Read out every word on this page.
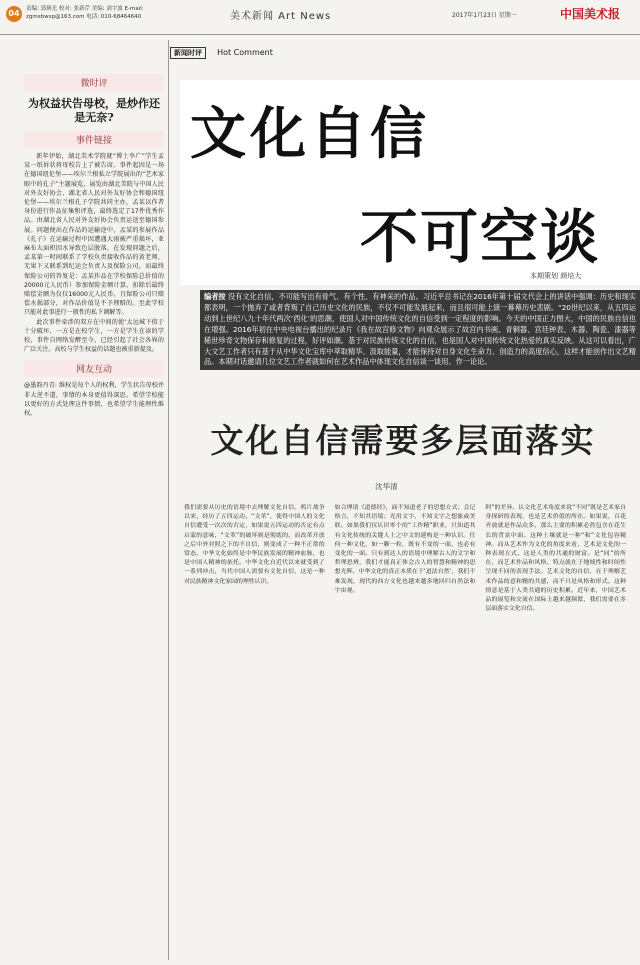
04	责编: 郭瑛光 校对: 张新芹 美编: 刘宇波 E-mail: zgmsbwsp@163.com 电话: 010-68464640	美术新闻 Art News	2017年1月23日 星期一	中国美术报
微时评
为权益状告母校，是炒作还是无奈?
事件链接

新年伊始，湖北美术学院就“博士李广”学生孟某一纸诉状将母校告上了被告席。事件起因是一场在德国纽伦堡——埃尔兰根私立学院展出的“艺术家眼中的孔子”主题展览，展览由湖北美院与中国人民对外友好协会、湖北省人民对外友好协会和德国纽伦堡——埃尔兰根孔子学院共同主办，孟某以作者身份进行作品征集和评选，最终选定了17件优秀作品。由湖北省人民对外友好协会负责运送至德国参展。问题便出在作品的运输途中，孟某的参展作品《孔子》在运输过程中因遭遇大雨被严重损坏，亚麻布大面积因水导致色层脱落，在发现问题之后，孟某第一时间联系了学校负责接收作品的黄老师，无果下又联系到纪运会负责人及保险公司，而最终保险公司的答复是：孟某作品在学校保险总价值的20000元人民币）参加保险金额计算，扣除后最终赔偿金额为仅仅16000元人民币，且保险公司只赔偿水损部分，对作品价值是不予理赔的。至此学校只能对此事进行一般性的私下调解等。

此次事件牵涉的双方在中间的使‘太远城下似于十分破坏，一方是在校学生，一方是学生在读的学校，事件自网络发酵至今，已经引起了社会各界的广泛关注。高校与学生权益的话题也被重新提及。

网友互动

@墨韵丹青: 维权是每个人的权利，学生状告母校并非大逆不道，事情的本身更值得深思。希望学校能以更好的方式处理这件事情，也希望学生能理性维权。

新闻时评 Hot Comment
文化自信
不可空谈
本期策划 颜培大
编者按 没有文化自信，不可能写出有骨气、有个性、有神采的作品。习近平总书记在2016年第十届文代会上的讲话中强调：历史和现实都表明，一个抛弃了或者背叛了自己历史文化的民族，不仅不可能发展起来，而且很可能上演一幕幕历史悲剧。“20世纪以来，从五四运动到上世纪八九十年代两次‘西化’的思潮，使国人对中国传统文化的自信受到一定程度的影响。今天的中国正力图大，中国的民族自信也在增强。2016年初在中央电视台播出的纪录片《我在故宫修文物》向观众展示了故宫内书画、青铜器、宫廷钟表、木器、陶瓷、漆器等稀世珍奇文物保存和修复的过程，好评如潮。基于对民族传统文化的自信，也是国人对中国传统文化热爱的真实反映。从这可以看出，广大文艺工作者只有基于从中华文化宝库中萃取精华、汲取能量，才能保持对自身文化生命力、创造力的高度信心，这样才能创作出文艺精品。本期对话邀请几位文艺工作者就如何在艺术作品中体现文化自信谈一谈用、作一论论。
文化自信需要多层面落实
沈华清

我们需要从历史的语境中去理解文化自信。鸦片战争以来，经历了五四运动、“文革”，使得中国人的文化自信遭受一次次的否定，如果说五四运动的否定有点启蒙的意味，“文革”的破坏则是彻底的。而改革开放之后中外对照之下的不自信，则变成了一种不正常的常态。中华文化始终是中华民族发展的精神血脉，也是中国人精神的依托。中华文化自近代以来就受到了一系列冲击，当代中国人需要有文化自信，这是一种对民族精神文化家园的理性认识。

如合理诸《道德经》，面不知道老子的思想方式；会记格言，不知其语境；光用文字，不知文字之想象或美联。如果我们仅认识零个的“工作精”职业，只知道其有文化传统的关键人士之中文的建构是一种认识。任何一种文化，如一颗一粒，既有不变的一面，也必有变化的一面。只有到达人的语境中理解古人的文字和哲理思辨，我们才能真正体会古人的智慧和精神的思想光辉。中华文化的真正本质在于‘道法自然’，我们不难发现，现代的西方文化也越来越多地回归自然法和宇宙观。

阿”的差异。认文化艺术角度来说“不同”既是艺术家自身探研的表现，也是艺术价值的所在。如果说，百花齐放就是作品众多，那么主要的积累必然包含在花生长的背景中面。这种土壤就是一种“和”文化包容精神。而从艺术作为文化的角度来看，艺术是文化的一种表现方式，这是人类的共通的财富。是“同”的所在，而艺术作品和风格、特点就在于地域性和时间性呈现不同的表现手法。艺术文化的自信，在于理解艺术作品的意和精的共感，而不只是风格和形式。这种情意是基于人类共通的历史积累。近年来，中国艺术品的展览和交流在国际上越来越频繁，我们需要在多层面落实文化自信。
